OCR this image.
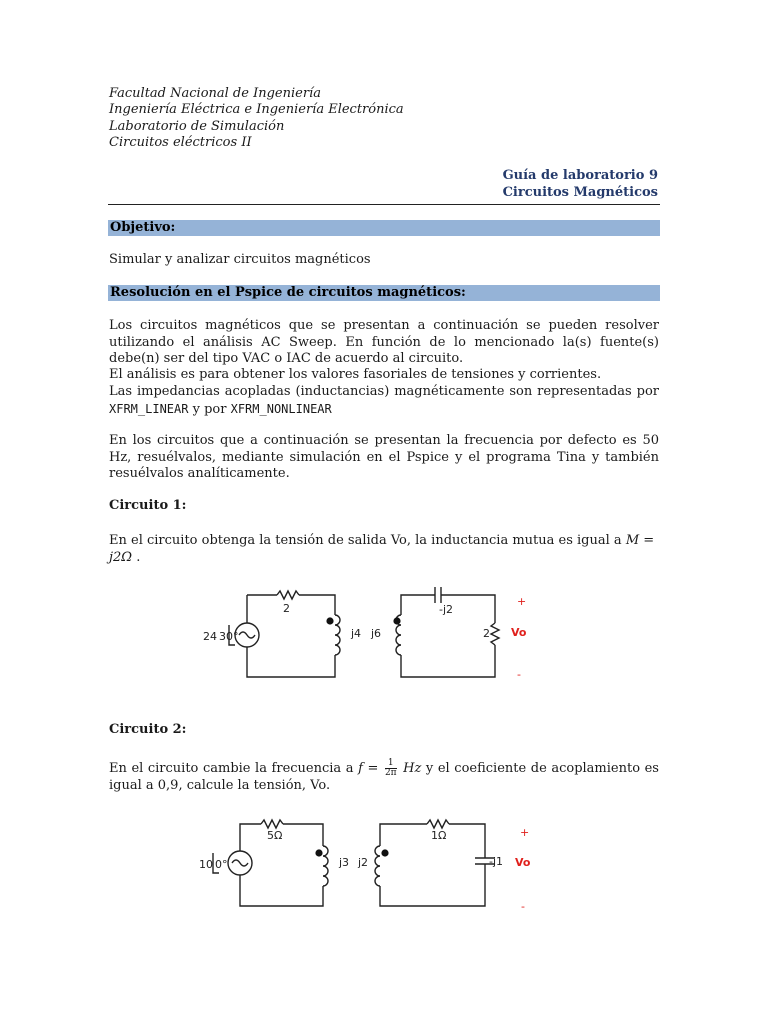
Facultad Nacional de Ingeniería
Ingeniería Eléctrica e Ingeniería Electrónica
Laboratorio de Simulación
Circuitos eléctricos II
Guía de laboratorio 9
Circuitos Magnéticos
Objetivo:
Simular y analizar circuitos magnéticos
Resolución en el Pspice de circuitos magnéticos:
Los circuitos magnéticos que se presentan a continuación se pueden resolver utilizando el análisis AC Sweep. En función de lo mencionado la(s) fuente(s) debe(n) ser del tipo VAC o IAC de acuerdo al circuito.
El análisis es para obtener los valores fasoriales de tensiones y corrientes.
Las impedancias acopladas (inductancias) magnéticamente son representadas por XFRM_LINEAR y por XFRM_NONLINEAR
En los circuitos que a continuación se presentan la frecuencia por defecto es 50 Hz, resuélvalos, mediante simulación en el Pspice y el programa Tina y también resuélvalos analíticamente.
Circuito 1:
En el circuito obtenga la tensión de salida Vo, la inductancia mutua es igual a M = j2Ω .
2
24 30°	j4 j6
-j2
2
+
Vo
-
Circuito 2:
En el circuito cambie la frecuencia a $f = \frac{1}{2\pi}$ Hz y el coeficiente de acoplamiento es igual a 0,9, calcule la tensión, Vo.
5Ω
10 0°	j3 j2
1Ω
-j1
+
Vo
-
